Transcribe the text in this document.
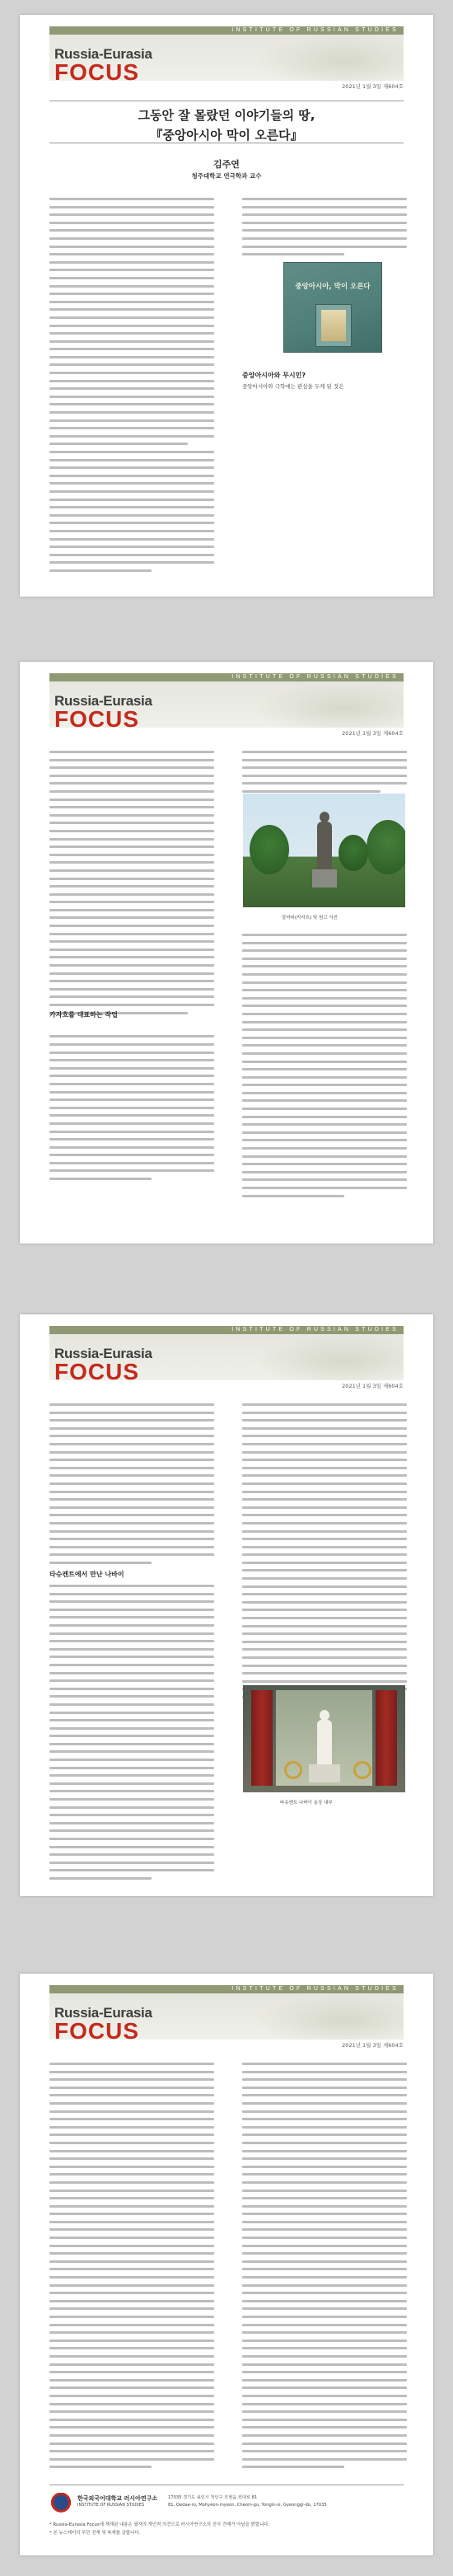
INSTITUTE OF RUSSIAN STUDIES
Russia-Eurasia
FOCUS
2021년 1월 3일 제604호
그동안 잘 몰랐던 이야기들의 땅,
『중앙아시아 막이 오른다』
김주연
청주대학교 연극학과 교수
중앙아시아, 막이 오른다
중앙아시아와 무시민?
중앙아시아와 극학에는 관심을 두게 된 것은
INSTITUTE OF RUSSIAN STUDIES
Russia-Eurasia
FOCUS
2021년 1월 3일 제604호
카자흐를 대표하는 작업
알마티(카자흐) 및 원고 사진
INSTITUTE OF RUSSIAN STUDIES
Russia-Eurasia
FOCUS
2021년 1월 3일 제604호
타슈켄트에서 만난 나바이
타슈켄트 나바이 동상 내부
INSTITUTE OF RUSSIAN STUDIES
Russia-Eurasia
FOCUS
2021년 1월 3일 제604호
한국외국어대학교 러시아연구소
INSTITUTE OF RUSSIAN STUDIES
17035 경기도 용인시 처인구 모현읍 외대로 81
81, Oedae-ro, Mohyeon-myeon, Cheoin-gu, Yongin-si, Gyeonggi-do, 17035
* Russia-Eurasia Focus에 게재된 내용은 필자의 개인적 의견으로 러시아연구소의 공식 견해가 아님을 밝힙니다.
* 본 뉴스레터의 무단 전재 및 복제를 금합니다.
